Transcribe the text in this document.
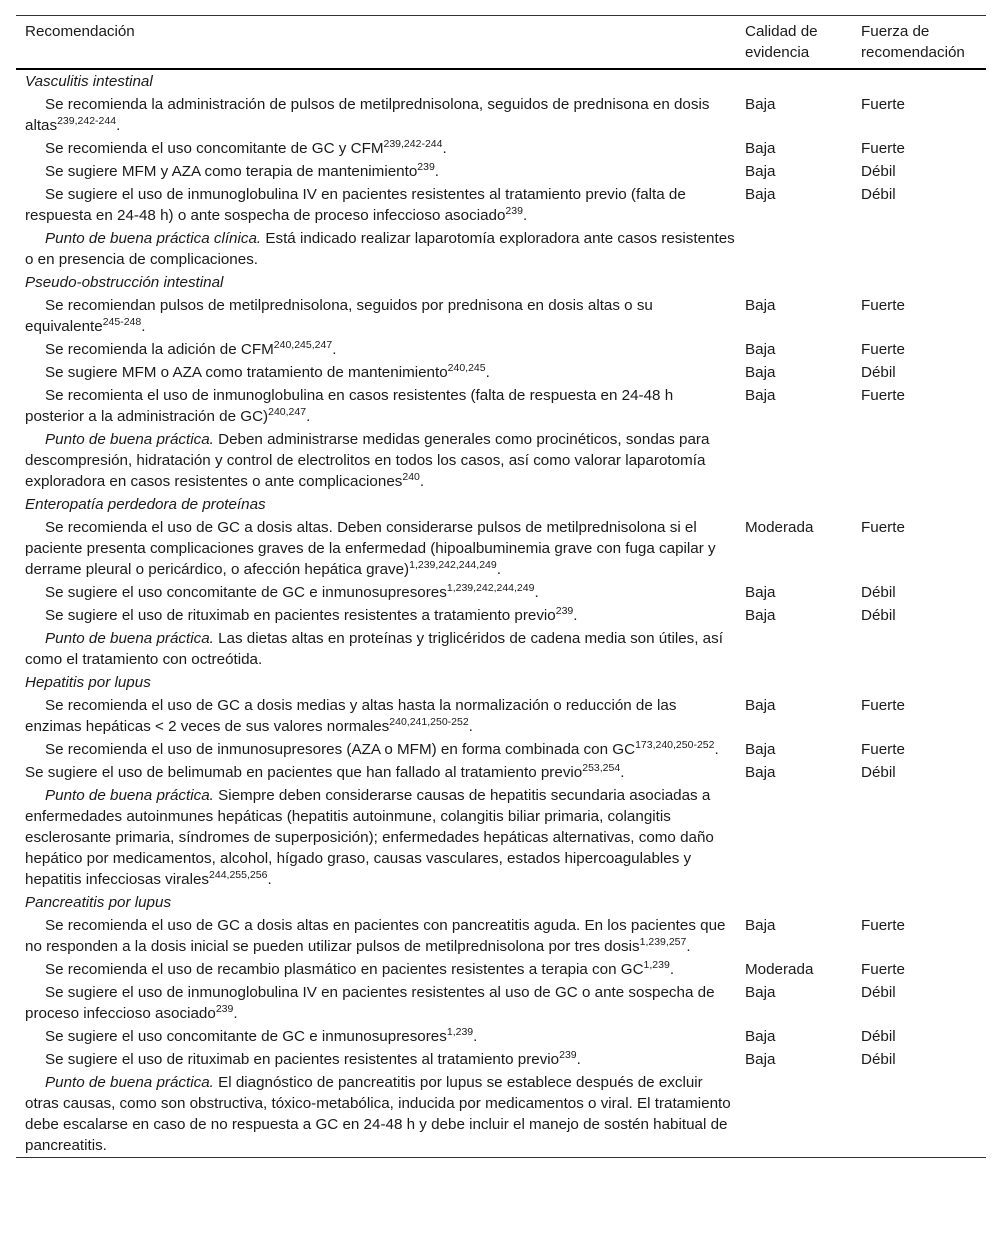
Recomendación	Calidad de evidencia	Fuerza de recomendación
Vasculitis intestinal		
Se recomienda la administración de pulsos de metilprednisolona, seguidos de prednisona en dosis altas$^{239,242-244}$.	Baja	Fuerte
Se recomienda el uso concomitante de GC y CFM$^{239,242-244}$.	Baja	Fuerte
Se sugiere MFM y AZA como terapia de mantenimiento$^{239}$.	Baja	Débil
Se sugiere el uso de inmunoglobulina IV en pacientes resistentes al tratamiento previo (falta de respuesta en 24-48 h) o ante sospecha de proceso infeccioso asociado$^{239}$.	Baja	Débil
Punto de buena práctica clínica. Está indicado realizar laparotomía exploradora ante casos resistentes o en presencia de complicaciones.		
Pseudo-obstrucción intestinal		
Se recomiendan pulsos de metilprednisolona, seguidos por prednisona en dosis altas o su equivalente$^{245-248}$.	Baja	Fuerte
Se recomienda la adición de CFM$^{240,245,247}$.	Baja	Fuerte
Se sugiere MFM o AZA como tratamiento de mantenimiento$^{240,245}$.	Baja	Débil
Se recomienta el uso de inmunoglobulina en casos resistentes (falta de respuesta en 24-48 h posterior a la administración de GC)$^{240,247}$.	Baja	Fuerte
Punto de buena práctica. Deben administrarse medidas generales como procinéticos, sondas para descompresión, hidratación y control de electrolitos en todos los casos, así como valorar laparotomía exploradora en casos resistentes o ante complicaciones$^{240}$.		
Enteropatía perdedora de proteínas		
Se recomienda el uso de GC a dosis altas. Deben considerarse pulsos de metilprednisolona si el paciente presenta complicaciones graves de la enfermedad (hipoalbuminemia grave con fuga capilar y derrame pleural o pericárdico, o afección hepática grave)$^{1,239,242,244,249}$.	Moderada	Fuerte
Se sugiere el uso concomitante de GC e inmunosupresores$^{1,239,242,244,249}$.	Baja	Débil
Se sugiere el uso de rituximab en pacientes resistentes a tratamiento previo$^{239}$.	Baja	Débil
Punto de buena práctica. Las dietas altas en proteínas y triglicéridos de cadena media son útiles, así como el tratamiento con octreótida.		
Hepatitis por lupus		
Se recomienda el uso de GC a dosis medias y altas hasta la normalización o reducción de las enzimas hepáticas < 2 veces de sus valores normales$^{240,241,250-252}$.	Baja	Fuerte
Se recomienda el uso de inmunosupresores (AZA o MFM) en forma combinada con GC$^{173,240,250-252}$.	Baja	Fuerte
Se sugiere el uso de belimumab en pacientes que han fallado al tratamiento previo$^{253,254}$.	Baja	Débil
Punto de buena práctica. Siempre deben considerarse causas de hepatitis secundaria asociadas a enfermedades autoinmunes hepáticas (hepatitis autoinmune, colangitis biliar primaria, colangitis esclerosante primaria, síndromes de superposición); enfermedades hepáticas alternativas, como daño hepático por medicamentos, alcohol, hígado graso, causas vasculares, estados hipercoagulables y hepatitis infecciosas virales$^{244,255,256}$.		
Pancreatitis por lupus		
Se recomienda el uso de GC a dosis altas en pacientes con pancreatitis aguda. En los pacientes que no responden a la dosis inicial se pueden utilizar pulsos de metilprednisolona por tres dosis$^{1,239,257}$.	Baja	Fuerte
Se recomienda el uso de recambio plasmático en pacientes resistentes a terapia con GC$^{1,239}$.	Moderada	Fuerte
Se sugiere el uso de inmunoglobulina IV en pacientes resistentes al uso de GC o ante sospecha de proceso infeccioso asociado$^{239}$.	Baja	Débil
Se sugiere el uso concomitante de GC e inmunosupresores$^{1,239}$.	Baja	Débil
Se sugiere el uso de rituximab en pacientes resistentes al tratamiento previo$^{239}$.	Baja	Débil
Punto de buena práctica. El diagnóstico de pancreatitis por lupus se establece después de excluir otras causas, como son obstructiva, tóxico-metabólica, inducida por medicamentos o viral. El tratamiento debe escalarse en caso de no respuesta a GC en 24-48 h y debe incluir el manejo de sostén habitual de pancreatitis.		
